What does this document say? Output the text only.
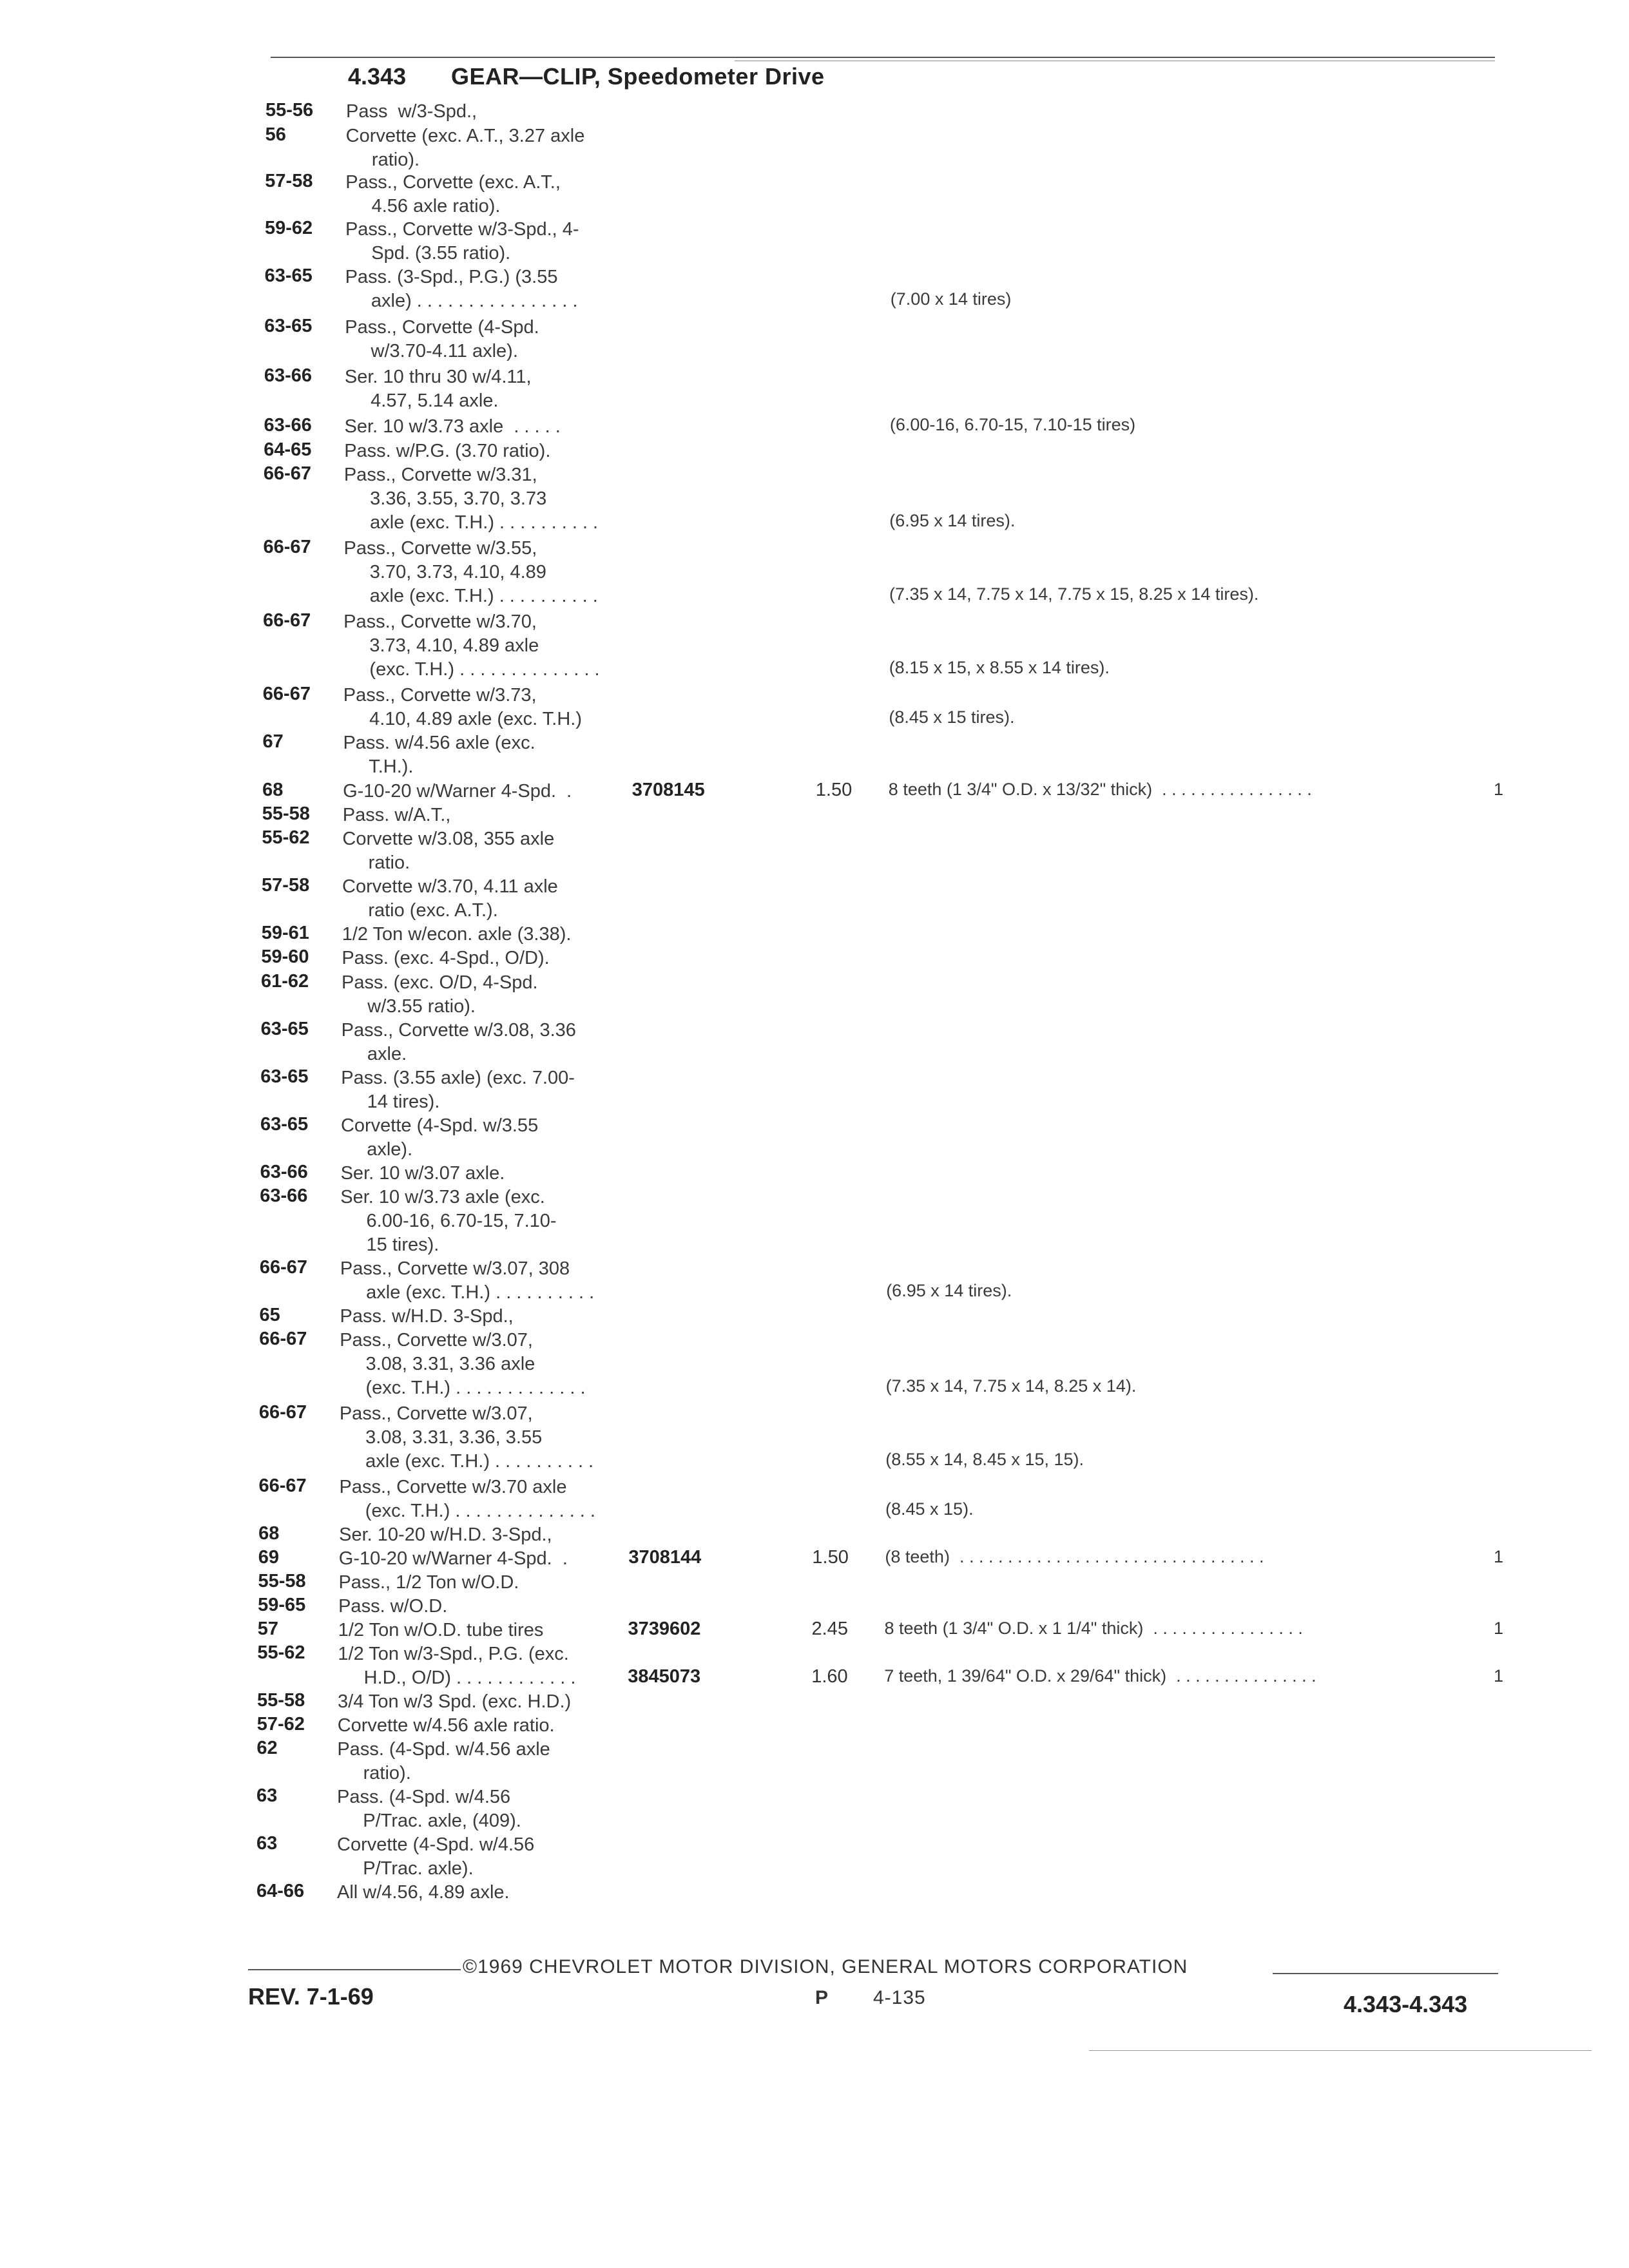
4.343 GEAR—CLIP, Speedometer Drive
55-56 Pass  w/3-Spd.,
56	Corvette (exc. A.T., 3.27 axle
ratio).
57-58 Pass., Corvette (exc. A.T.,
4.56 axle ratio).
59-62 Pass., Corvette w/3-Spd., 4-
Spd. (3.55 ratio).
63-65 Pass. (3-Spd., P.G.) (3.55
axle) . . . . . . . . . . . . . . . .	(7.00 x 14 tires)
63-65 Pass., Corvette (4-Spd.
w/3.70-4.11 axle).
63-66 Ser. 10 thru 30 w/4.11,
4.57, 5.14 axle.
63-66 Ser. 10 w/3.73 axle  . . . . .	(6.00-16, 6.70-15, 7.10-15 tires)
64-65 Pass. w/P.G. (3.70 ratio).
66-67 Pass., Corvette w/3.31,
3.36, 3.55, 3.70, 3.73
axle (exc. T.H.) . . . . . . . . . .	(6.95 x 14 tires).
66-67 Pass., Corvette w/3.55,
3.70, 3.73, 4.10, 4.89
axle (exc. T.H.) . . . . . . . . . .	(7.35 x 14, 7.75 x 14, 7.75 x 15, 8.25 x 14 tires).
66-67 Pass., Corvette w/3.70,
3.73, 4.10, 4.89 axle
(exc. T.H.) . . . . . . . . . . . . . .	(8.15 x 15, x 8.55 x 14 tires).
66-67 Pass., Corvette w/3.73,
4.10, 4.89 axle (exc. T.H.)	(8.45 x 15 tires).
67	Pass. w/4.56 axle (exc.
T.H.).
68	G-10-20 w/Warner 4-Spd.  .	3708145	1.50 8 teeth (1 3/4" O.D. x 13/32" thick)  . . . . . . . . . . . . . . . .	1
55-58 Pass. w/A.T.,
55-62 Corvette w/3.08, 355 axle
ratio.
57-58 Corvette w/3.70, 4.11 axle
ratio (exc. A.T.).
59-61 1/2 Ton w/econ. axle (3.38).
59-60 Pass. (exc. 4-Spd., O/D).
61-62 Pass. (exc. O/D, 4-Spd.
w/3.55 ratio).
63-65 Pass., Corvette w/3.08, 3.36
axle.
63-65 Pass. (3.55 axle) (exc. 7.00-
14 tires).
63-65 Corvette (4-Spd. w/3.55
axle).
63-66 Ser. 10 w/3.07 axle.
63-66 Ser. 10 w/3.73 axle (exc.
6.00-16, 6.70-15, 7.10-
15 tires).
66-67 Pass., Corvette w/3.07, 308
axle (exc. T.H.) . . . . . . . . . .	(6.95 x 14 tires).
65	Pass. w/H.D. 3-Spd.,
66-67 Pass., Corvette w/3.07,
3.08, 3.31, 3.36 axle
(exc. T.H.) . . . . . . . . . . . . .	(7.35 x 14, 7.75 x 14, 8.25 x 14).
66-67 Pass., Corvette w/3.07,
3.08, 3.31, 3.36, 3.55
axle (exc. T.H.) . . . . . . . . . .	(8.55 x 14, 8.45 x 15, 15).
66-67 Pass., Corvette w/3.70 axle
(exc. T.H.) . . . . . . . . . . . . . .	(8.45 x 15).
68	Ser. 10-20 w/H.D. 3-Spd.,
69	G-10-20 w/Warner 4-Spd.  .	3708144	1.50 (8 teeth)  . . . . . . . . . . . . . . . . . . . . . . . . . . . . . . . .	1
55-58 Pass., 1/2 Ton w/O.D.
59-65 Pass. w/O.D.
57	1/2 Ton w/O.D. tube tires	3739602	2.45 8 teeth (1 3/4" O.D. x 1 1/4" thick)  . . . . . . . . . . . . . . . .	1
55-62 1/2 Ton w/3-Spd., P.G. (exc.
H.D., O/D) . . . . . . . . . . . .	3845073	1.60 7 teeth, 1 39/64" O.D. x 29/64" thick)  . . . . . . . . . . . . . . .	1
55-58 3/4 Ton w/3 Spd. (exc. H.D.)
57-62 Corvette w/4.56 axle ratio.
62	Pass. (4-Spd. w/4.56 axle
ratio).
63	Pass. (4-Spd. w/4.56
P/Trac. axle, (409).
63	Corvette (4-Spd. w/4.56
P/Trac. axle).
64-66 All w/4.56, 4.89 axle.
©1969 CHEVROLET MOTOR DIVISION, GENERAL MOTORS CORPORATION
REV. 7-1-69	P 4-135	4.343-4.343
